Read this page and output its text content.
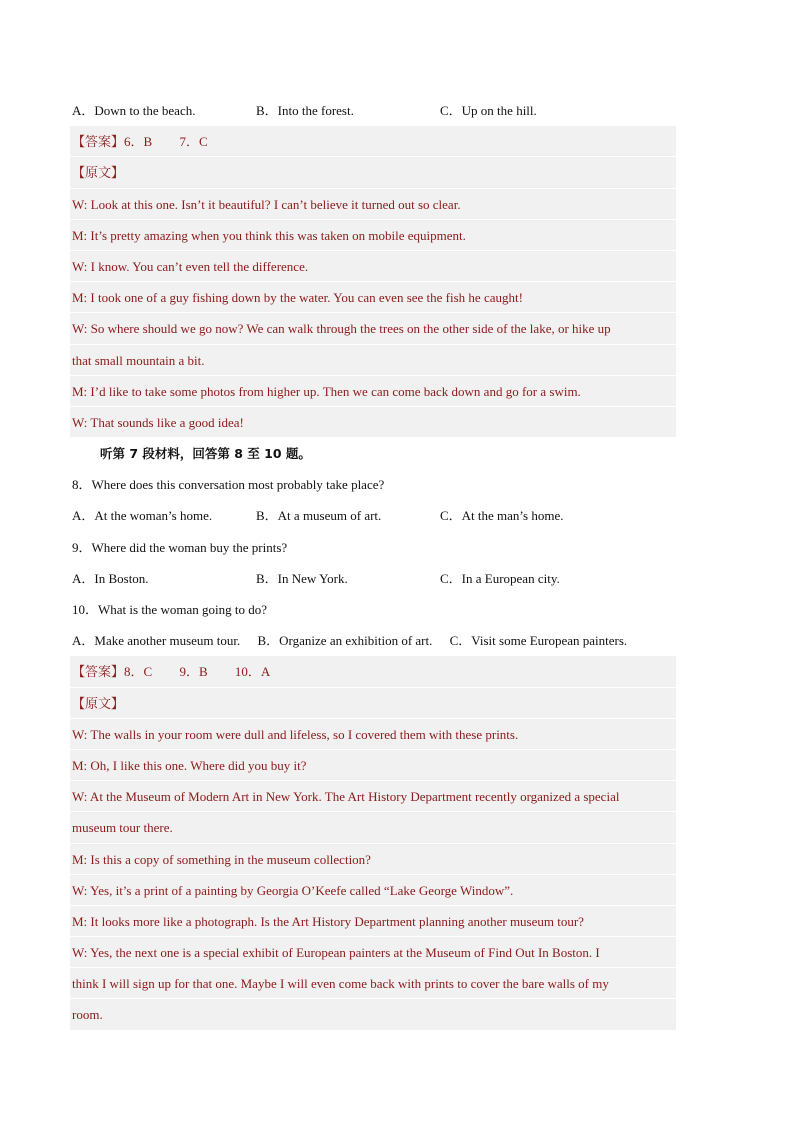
A．Down to the beach.	B．Into the forest.	C．Up on the hill.
【答案】6．B 7．C
【原文】
W: Look at this one. Isn’t it beautiful? I can’t believe it turned out so clear.
M: It’s pretty amazing when you think this was taken on mobile equipment.
W: I know. You can’t even tell the difference.
M: I took one of a guy fishing down by the water. You can even see the fish he caught!
W: So where should we go now? We can walk through the trees on the other side of the lake, or hike up
that small mountain a bit.
M: I’d like to take some photos from higher up. Then we can come back down and go for a swim.
W: That sounds like a good idea!
听第 7 段材料，回答第 8 至 10 题。
8．Where does this conversation most probably take place?
A．At the woman’s home.	B．At a museum of art.	C．At the man’s home.
9．Where did the woman buy the prints?
A．In Boston.	B．In New York.	C．In a European city.
10．What is the woman going to do?
A．Make another museum tour. B．Organize an exhibition of art. C．Visit some European painters.
【答案】8．C 9．B 10．A
【原文】
W: The walls in your room were dull and lifeless, so I covered them with these prints.
M: Oh, I like this one. Where did you buy it?
W: At the Museum of Modern Art in New York. The Art History Department recently organized a special
museum tour there.
M: Is this a copy of something in the museum collection?
W: Yes, it’s a print of a painting by Georgia O’Keefe called “Lake George Window”.
M: It looks more like a photograph. Is the Art History Department planning another museum tour?
W: Yes, the next one is a special exhibit of European painters at the Museum of Find Out In Boston. I
think I will sign up for that one. Maybe I will even come back with prints to cover the bare walls of my
room.
